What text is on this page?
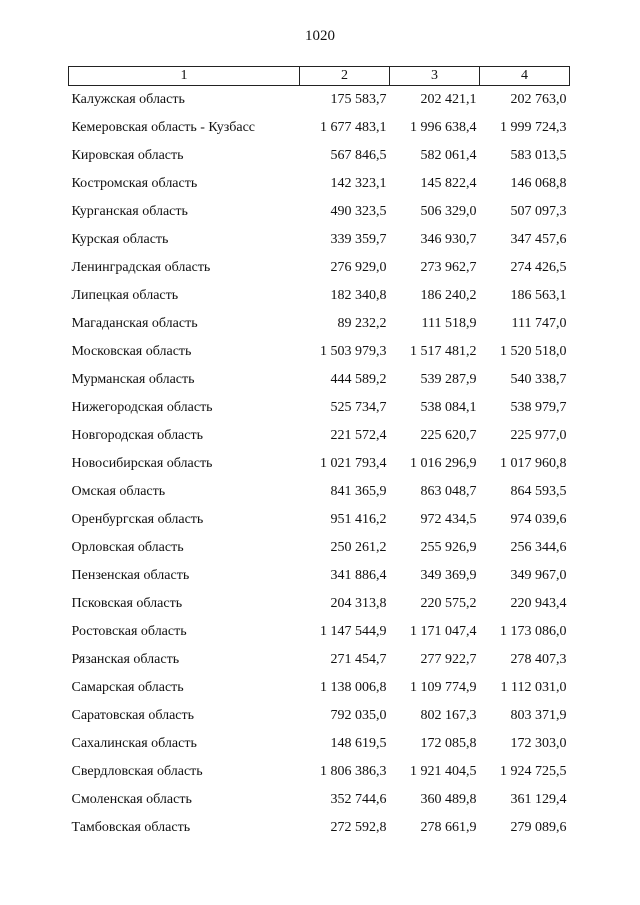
1020
1	2	3	4
Калужская область	175 583,7	202 421,1	202 763,0
Кемеровская область - Кузбасс	1 677 483,1	1 996 638,4	1 999 724,3
Кировская область	567 846,5	582 061,4	583 013,5
Костромская область	142 323,1	145 822,4	146 068,8
Курганская область	490 323,5	506 329,0	507 097,3
Курская область	339 359,7	346 930,7	347 457,6
Ленинградская область	276 929,0	273 962,7	274 426,5
Липецкая область	182 340,8	186 240,2	186 563,1
Магаданская область	89 232,2	111 518,9	111 747,0
Московская область	1 503 979,3	1 517 481,2	1 520 518,0
Мурманская область	444 589,2	539 287,9	540 338,7
Нижегородская область	525 734,7	538 084,1	538 979,7
Новгородская область	221 572,4	225 620,7	225 977,0
Новосибирская область	1 021 793,4	1 016 296,9	1 017 960,8
Омская область	841 365,9	863 048,7	864 593,5
Оренбургская область	951 416,2	972 434,5	974 039,6
Орловская область	250 261,2	255 926,9	256 344,6
Пензенская область	341 886,4	349 369,9	349 967,0
Псковская область	204 313,8	220 575,2	220 943,4
Ростовская область	1 147 544,9	1 171 047,4	1 173 086,0
Рязанская область	271 454,7	277 922,7	278 407,3
Самарская область	1 138 006,8	1 109 774,9	1 112 031,0
Саратовская область	792 035,0	802 167,3	803 371,9
Сахалинская область	148 619,5	172 085,8	172 303,0
Свердловская область	1 806 386,3	1 921 404,5	1 924 725,5
Смоленская область	352 744,6	360 489,8	361 129,4
Тамбовская область	272 592,8	278 661,9	279 089,6
